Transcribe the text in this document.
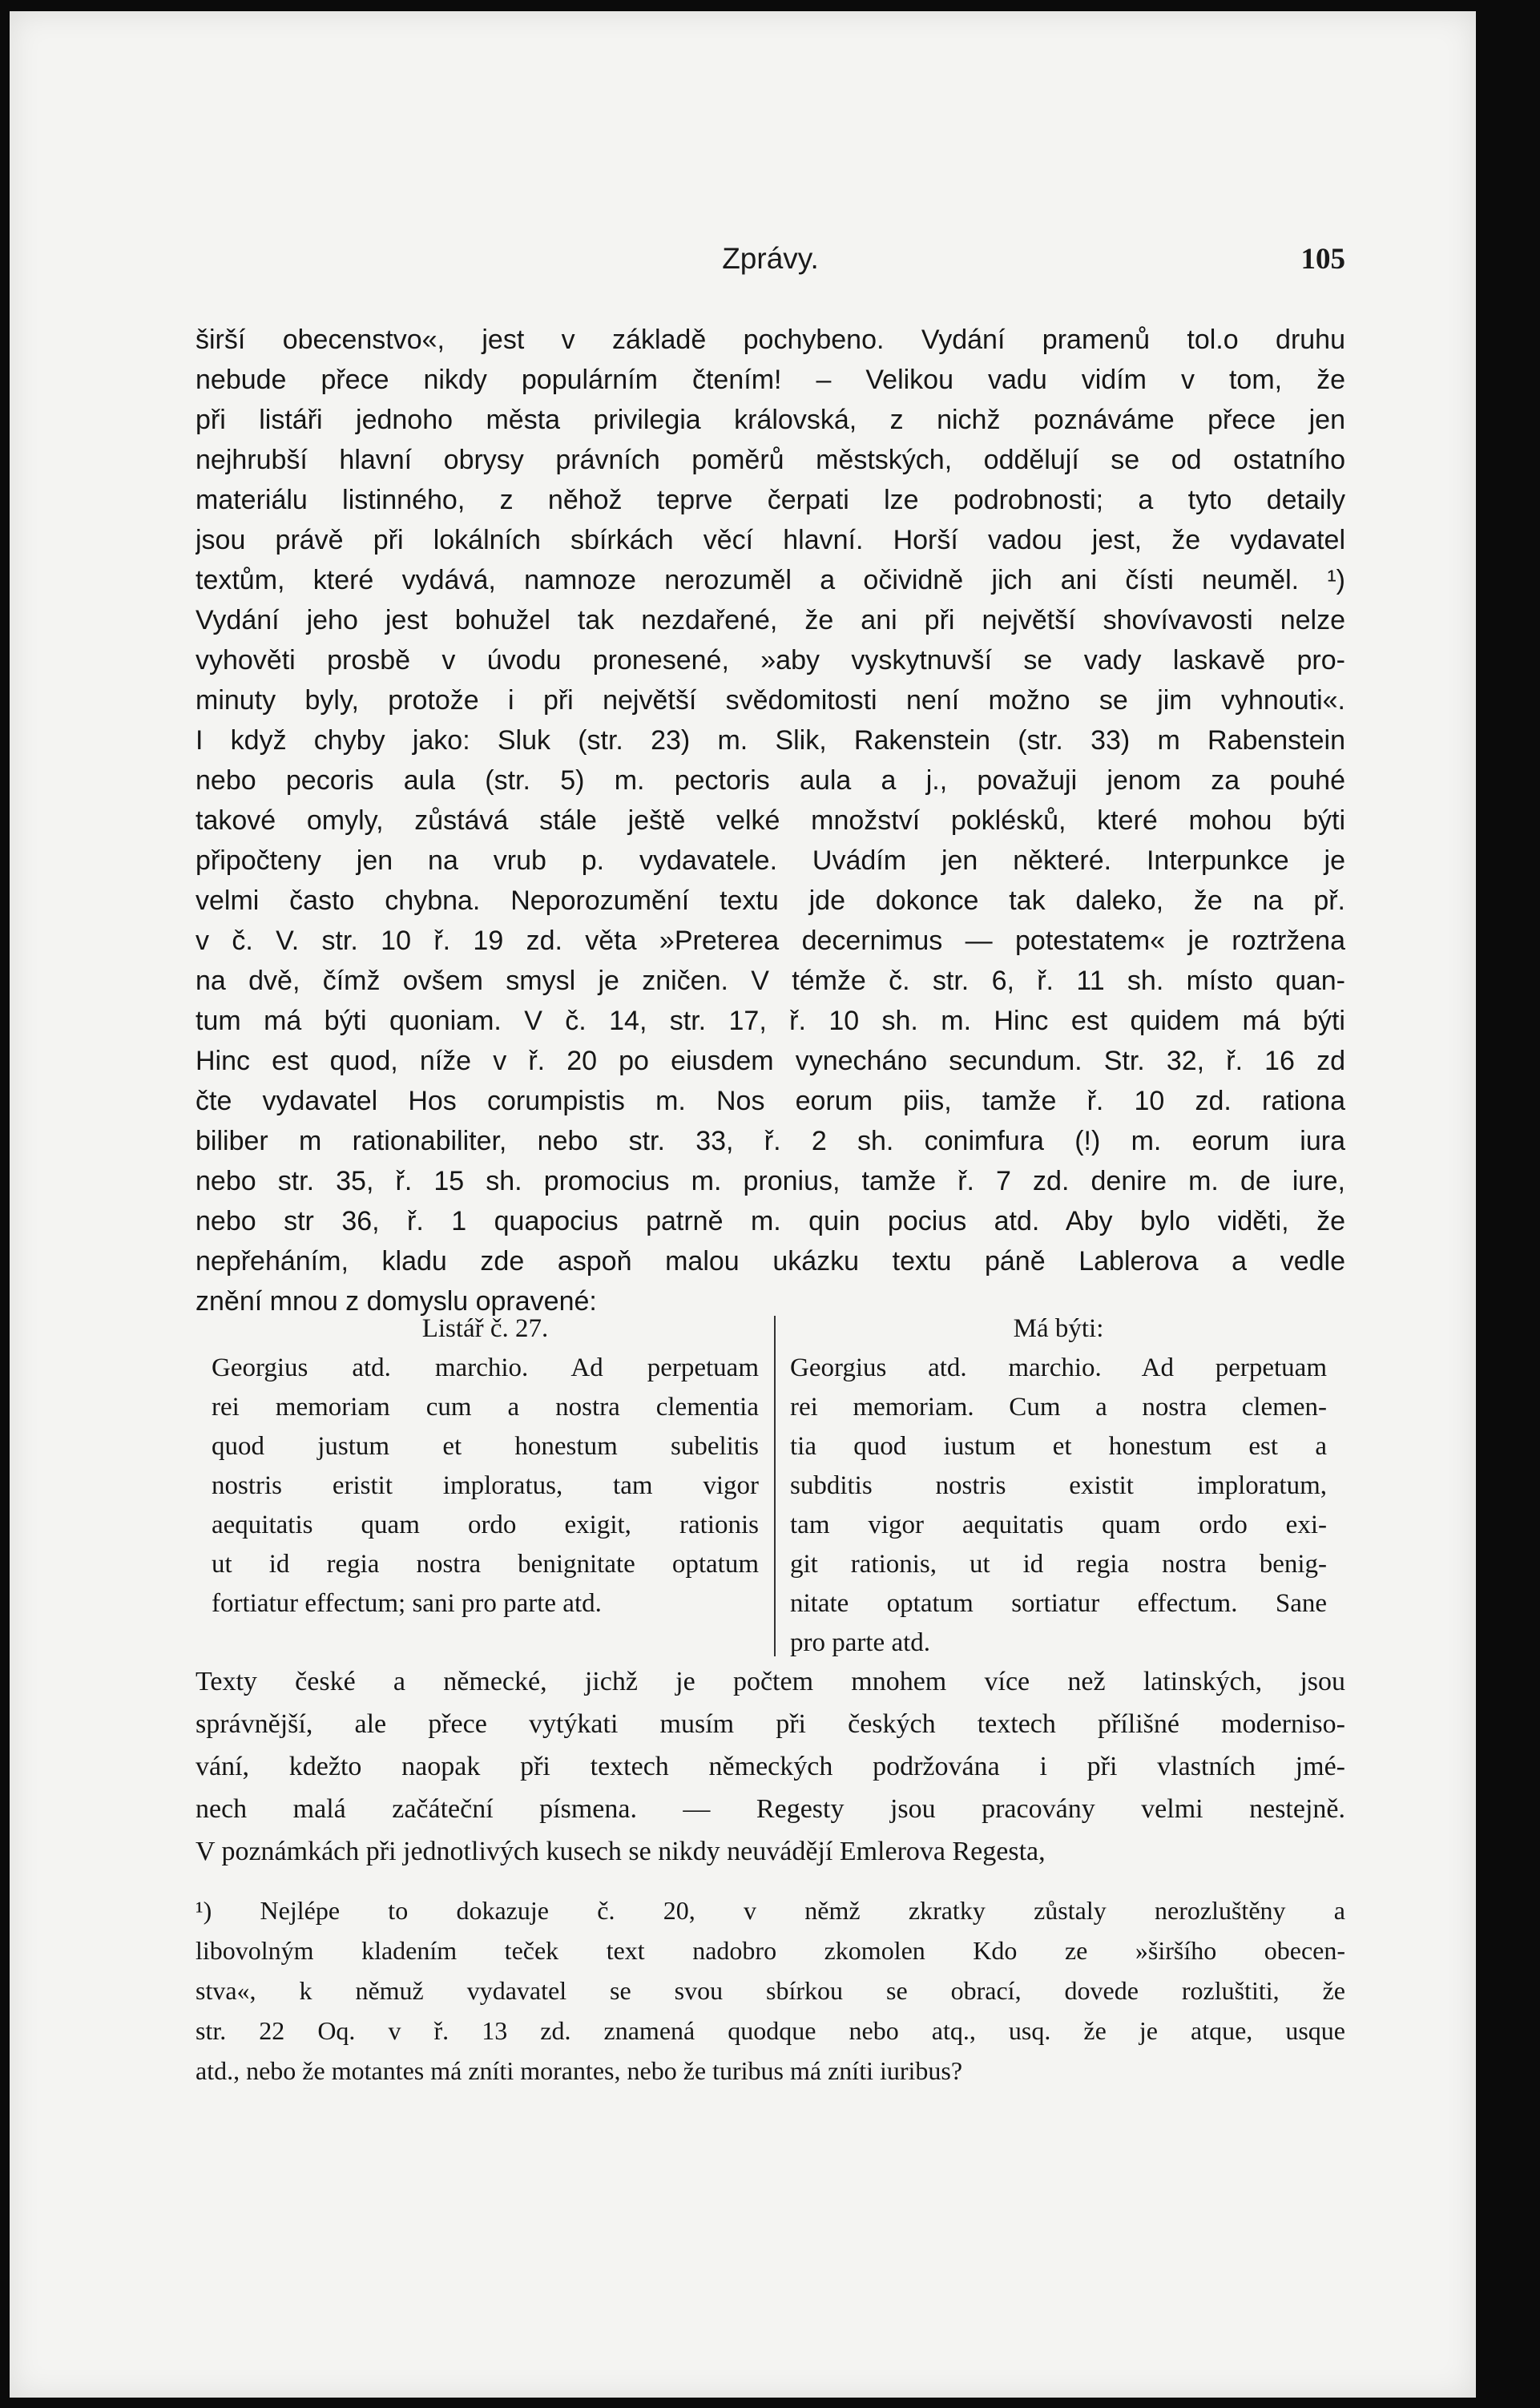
Zprávy.	105
širší obecenstvo«, jest v základě pochybeno. Vydání pramenů tol.o druhu
nebude přece nikdy populárním čtením! – Velikou vadu vidím v tom, že
při listáři jednoho města privilegia královská, z nichž poznáváme přece jen
nejhrubší hlavní obrysy právních poměrů městských, oddělují se od ostatního
materiálu listinného, z něhož teprve čerpati lze podrobnosti; a tyto detaily
jsou právě při lokálních sbírkách věcí hlavní. Horší vadou jest, že vydavatel
textům, které vydává, namnoze nerozuměl a očividně jich ani čísti neuměl. ¹)
Vydání jeho jest bohužel tak nezdařené, že ani při největší shovívavosti nelze
vyhověti prosbě v úvodu pronesené, »aby vyskytnuvší se vady laskavě pro-
minuty byly, protože i při největší svědomitosti není možno se jim vyhnouti«.
I když chyby jako: Sluk (str. 23) m. Slik, Rakenstein (str. 33) m Rabenstein
nebo pecoris aula (str. 5) m. pectoris aula a j., považuji jenom za pouhé
takové omyly, zůstává stále ještě velké množství poklésků, které mohou býti
připočteny jen na vrub p. vydavatele. Uvádím jen některé. Interpunkce je
velmi často chybna. Neporozumění textu jde dokonce tak daleko, že na př.
v č. V. str. 10 ř. 19 zd. věta »Preterea decernimus — potestatem« je roztržena
na dvě, čímž ovšem smysl je zničen. V témže č. str. 6, ř. 11 sh. místo quan-
tum má býti quoniam. V č. 14, str. 17, ř. 10 sh. m. Hinc est quidem má býti
Hinc est quod, níže v ř. 20 po eiusdem vynecháno secundum. Str. 32, ř. 16 zd
čte vydavatel Hos corumpistis m. Nos eorum piis, tamže ř. 10 zd. rationa
biliber m rationabiliter, nebo str. 33, ř. 2 sh. conimfura (!) m. eorum iura
nebo str. 35, ř. 15 sh. promocius m. pronius, tamže ř. 7 zd. denire m. de iure,
nebo str 36, ř. 1 quapocius patrně m. quin pocius atd. Aby bylo viděti, že
nepřeháním, kladu zde aspoň malou ukázku textu páně Lablerova a vedle
znění mnou z domyslu opravené:
Listář č. 27.
Georgius atd. marchio. Ad perpetuam
rei memoriam cum a nostra clementia
quod justum et honestum subelitis
nostris eristit imploratus, tam vigor
aequitatis quam ordo exigit, rationis
ut id regia nostra benignitate optatum
fortiatur effectum; sani pro parte atd.
Má býti:
Georgius atd. marchio. Ad perpetuam
rei memoriam. Cum a nostra clemen-
tia quod iustum et honestum est a
subditis nostris existit imploratum,
tam vigor aequitatis quam ordo exi-
git rationis, ut id regia nostra benig-
nitate optatum sortiatur effectum. Sane
pro parte atd.
Texty české a německé, jichž je počtem mnohem více než latinských, jsou
správnější, ale přece vytýkati musím při českých textech přílišné moderniso-
vání, kdežto naopak při textech německých podržována i při vlastních jmé-
nech malá začáteční písmena. — Regesty jsou pracovány velmi nestejně.
V poznámkách při jednotlivých kusech se nikdy neuvádějí Emlerova Regesta,
¹) Nejlépe to dokazuje č. 20, v němž zkratky zůstaly nerozluštěny a
libovolným kladením teček text nadobro zkomolen Kdo ze »širšího obecen-
stva«, k němuž vydavatel se svou sbírkou se obrací, dovede rozluštiti, že
str. 22 Oq. v ř. 13 zd. znamená quodque nebo atq., usq. že je atque, usque
atd., nebo že motantes má zníti morantes, nebo že turibus má zníti iuribus?
